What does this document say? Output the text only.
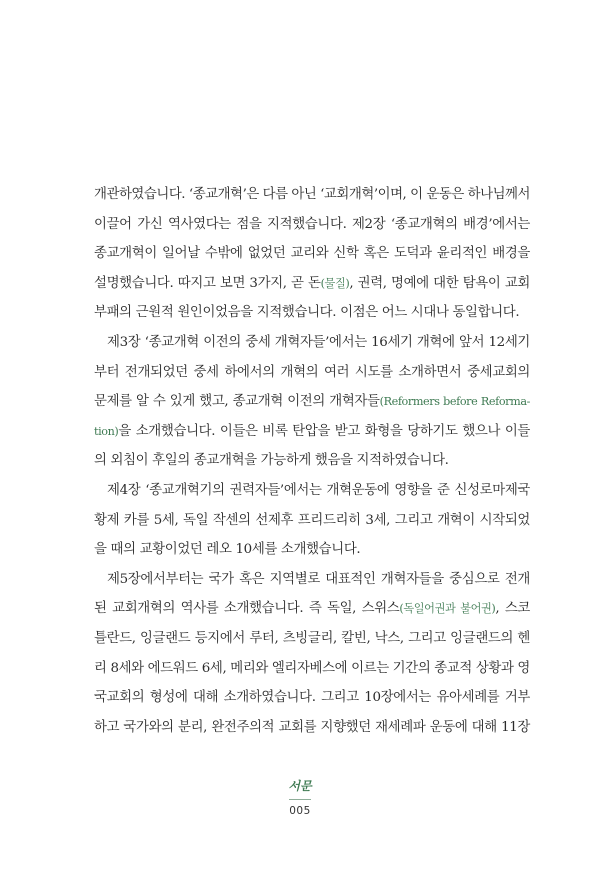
개관하였습니다. ‘종교개혁’은 다름 아닌 ‘교회개혁’이며, 이 운동은 하나님께서
이끌어 가신 역사였다는 점을 지적했습니다. 제2장 ‘종교개혁의 배경’에서는
종교개혁이 일어날 수밖에 없었던 교리와 신학 혹은 도덕과 윤리적인 배경을
설명했습니다. 따지고 보면 3가지, 곧 돈(물질), 권력, 명예에 대한 탐욕이 교회
부패의 근원적 원인이었음을 지적했습니다. 이점은 어느 시대나 동일합니다.
제3장 ‘종교개혁 이전의 중세 개혁자들’에서는 16세기 개혁에 앞서 12세기
부터 전개되었던 중세 하에서의 개혁의 여러 시도를 소개하면서 중세교회의
문제를 알 수 있게 했고, 종교개혁 이전의 개혁자들(Reformers before Reforma-
tion)을 소개했습니다. 이들은 비록 탄압을 받고 화형을 당하기도 했으나 이들
의 외침이 후일의 종교개혁을 가능하게 했음을 지적하였습니다.
제4장 ‘종교개혁기의 권력자들’에서는 개혁운동에 영향을 준 신성로마제국
황제 카를 5세, 독일 작센의 선제후 프리드리히 3세, 그리고 개혁이 시작되었
을 때의 교황이었던 레오 10세를 소개했습니다.
제5장에서부터는 국가 혹은 지역별로 대표적인 개혁자들을 중심으로 전개
된 교회개혁의 역사를 소개했습니다. 즉 독일, 스위스(독일어권과 불어권), 스코
틀란드, 잉글랜드 등지에서 루터, 츠빙글리, 칼빈, 낙스, 그리고 잉글랜드의 헨
리 8세와 에드워드 6세, 메리와 엘리자베스에 이르는 기간의 종교적 상황과 영
국교회의 형성에 대해 소개하였습니다. 그리고 10장에서는 유아세례를 거부
하고 국가와의 분리, 완전주의적 교회를 지향했던 재세례파 운동에 대해 11장
서문
005
